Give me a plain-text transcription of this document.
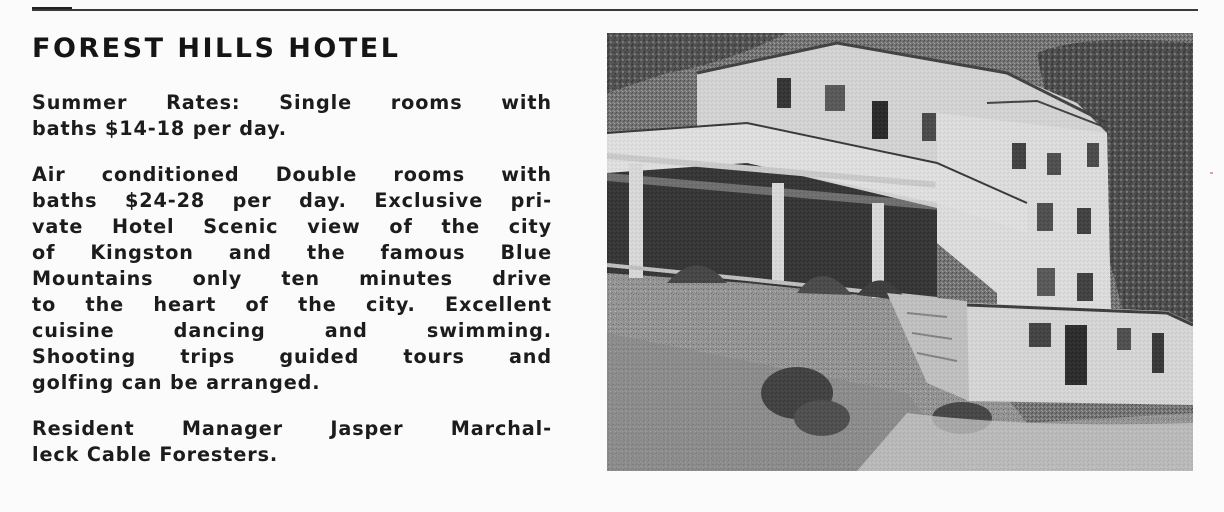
FOREST HILLS HOTEL

Summer Rates: Single rooms with
baths $14-18 per day.

Air conditioned Double rooms with
baths $24-28 per day. Exclusive pri-
vate Hotel Scenic view of the city
of Kingston and the famous Blue
Mountains only ten minutes drive
to the heart of the city. Excellent
cuisine dancing and swimming.
Shooting trips guided tours and
golfing can be arranged.

Resident Manager Jasper Marchal-
leck Cable Foresters.
